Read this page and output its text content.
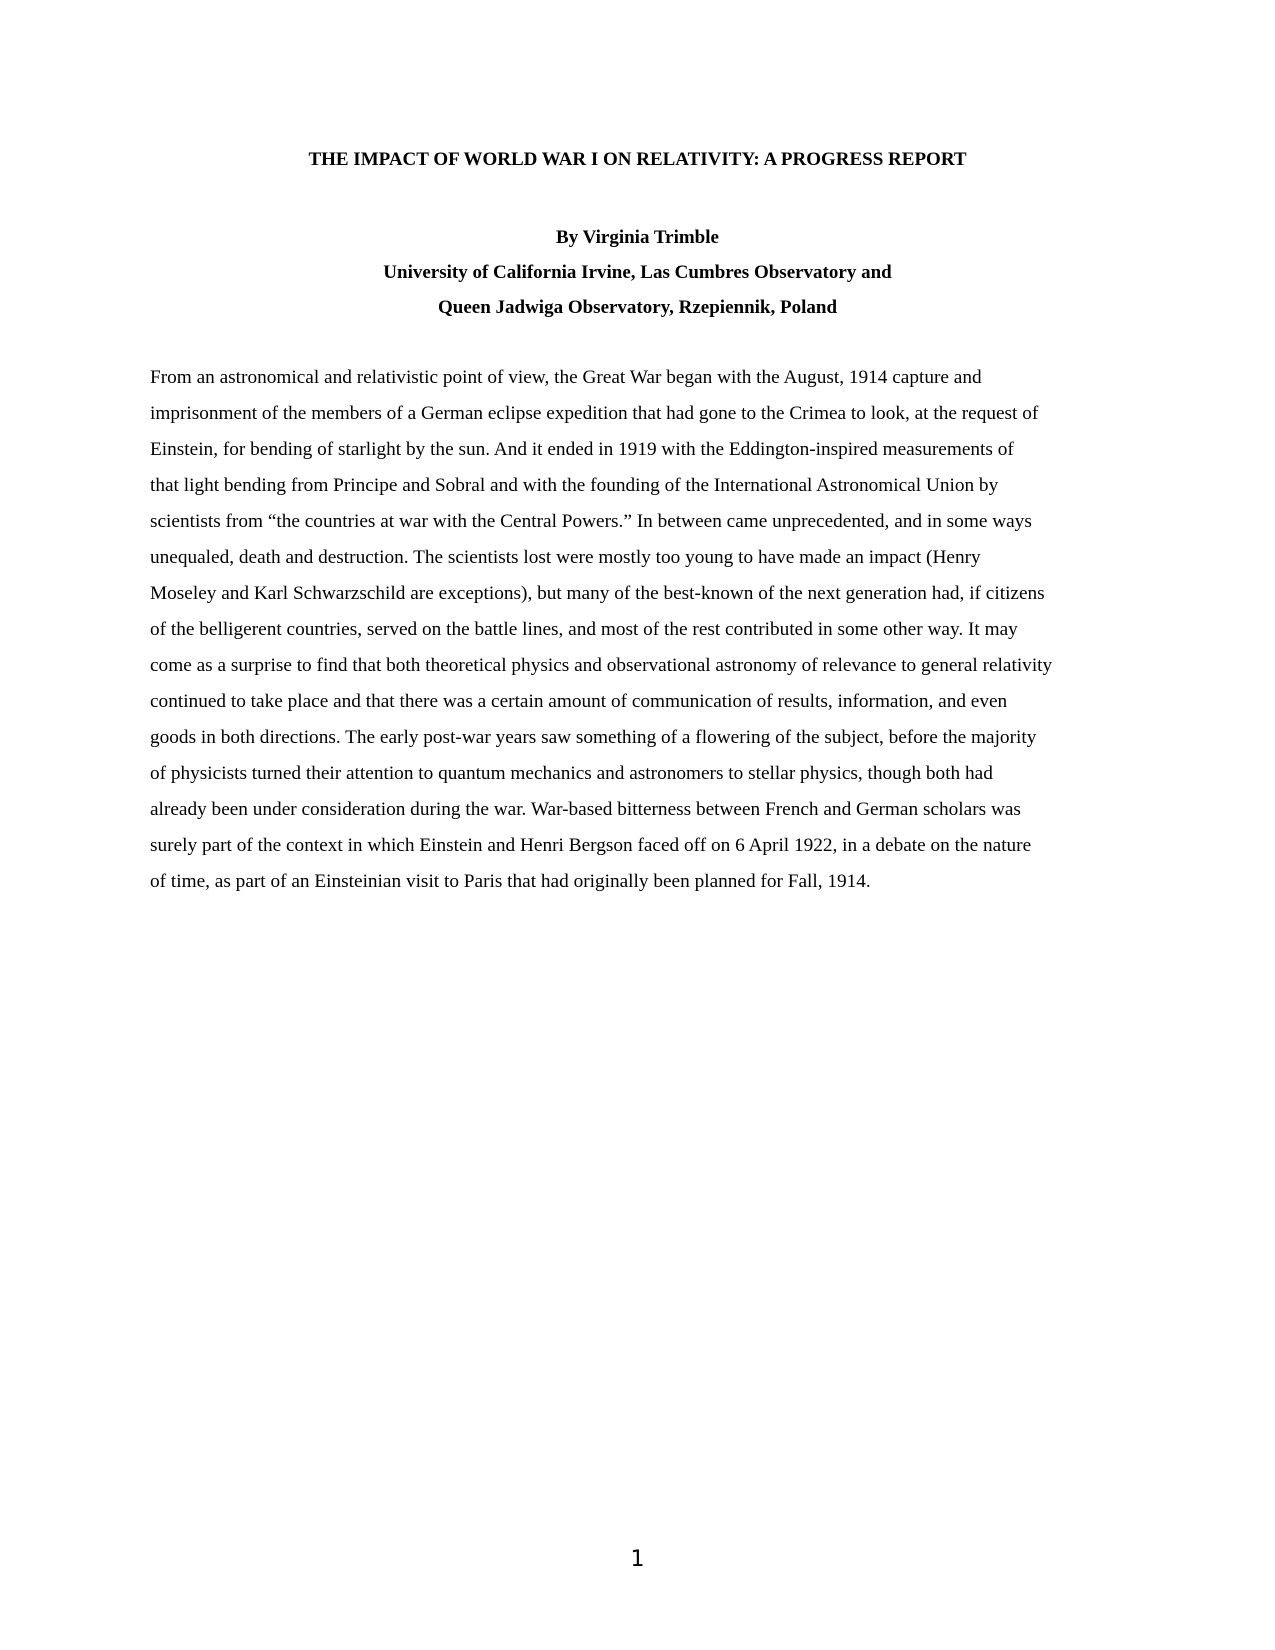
THE IMPACT OF WORLD WAR I ON RELATIVITY: A PROGRESS REPORT
By Virginia Trimble
University of California Irvine, Las Cumbres Observatory and
Queen Jadwiga Observatory, Rzepiennik, Poland

From an astronomical and relativistic point of view, the Great War began with the August, 1914 capture and
imprisonment of the members of a German eclipse expedition that had gone to the Crimea to look, at the request of
Einstein, for bending of starlight by the sun. And it ended in 1919 with the Eddington-inspired measurements of
that light bending from Principe and Sobral and with the founding of the International Astronomical Union by
scientists from “the countries at war with the Central Powers.” In between came unprecedented, and in some ways
unequaled, death and destruction. The scientists lost were mostly too young to have made an impact (Henry
Moseley and Karl Schwarzschild are exceptions), but many of the best-known of the next generation had, if citizens
of the belligerent countries, served on the battle lines, and most of the rest contributed in some other way. It may
come as a surprise to find that both theoretical physics and observational astronomy of relevance to general relativity
continued to take place and that there was a certain amount of communication of results, information, and even
goods in both directions. The early post-war years saw something of a flowering of the subject, before the majority
of physicists turned their attention to quantum mechanics and astronomers to stellar physics, though both had
already been under consideration during the war. War-based bitterness between French and German scholars was
surely part of the context in which Einstein and Henri Bergson faced off on 6 April 1922, in a debate on the nature
of time, as part of an Einsteinian visit to Paris that had originally been planned for Fall, 1914.

1
